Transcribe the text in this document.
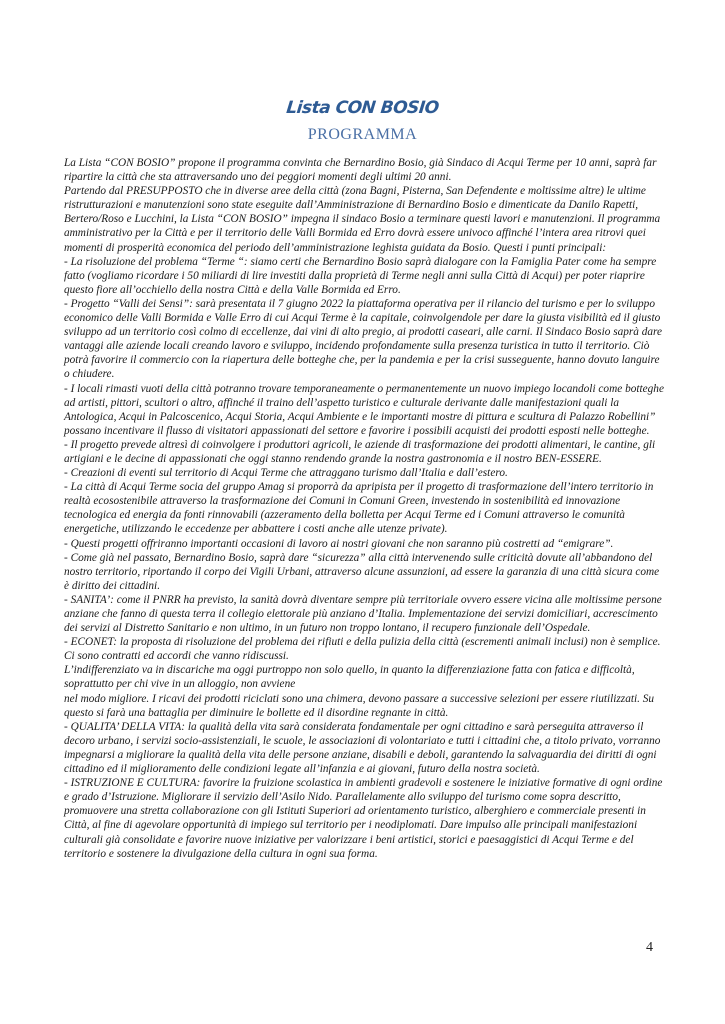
Lista CON BOSIO
PROGRAMMA

La Lista “CON BOSIO” propone il programma convinta che Bernardino Bosio, già Sindaco di Acqui Terme per 10 anni, saprà far ripartire la città che sta attraversando uno dei peggiori momenti degli ultimi 20 anni.

Partendo dal PRESUPPOSTO che in diverse aree della città (zona Bagni, Pisterna, San Defendente e moltissime altre) le ultime ristrutturazioni e manutenzioni sono state eseguite dall’Amministrazione di Bernardino Bosio e dimenticate da Danilo Rapetti, Bertero/Roso e Lucchini, la Lista “CON BOSIO” impegna il sindaco Bosio a terminare questi lavori e manutenzioni. Il programma amministrativo per la Città e per il territorio delle Valli Bormida ed Erro dovrà essere univoco affinché l’intera area ritrovi quei momenti di prosperità economica del periodo dell’amministrazione leghista guidata da Bosio. Questi i punti principali:

- La risoluzione del problema “Terme “: siamo certi che Bernardino Bosio saprà dialogare con la Famiglia Pater come ha sempre fatto (vogliamo ricordare i 50 miliardi di lire investiti dalla proprietà di Terme negli anni sulla Città di Acqui) per poter riaprire questo fiore all’occhiello della nostra Città e della Valle Bormida ed Erro.

- Progetto “Valli dei Sensi”: sarà presentata il 7 giugno 2022 la piattaforma operativa per il rilancio del turismo e per lo sviluppo economico delle Valli Bormida e Valle Erro di cui Acqui Terme è la capitale, coinvolgendole per dare la giusta visibilità ed il giusto sviluppo ad un territorio così colmo di eccellenze, dai vini di alto pregio, ai prodotti caseari, alle carni. Il Sindaco Bosio saprà dare vantaggi alle aziende locali creando lavoro e sviluppo, incidendo profondamente sulla presenza turistica in tutto il territorio. Ciò potrà favorire il commercio con la riapertura delle botteghe che, per la pandemia e per la crisi susseguente, hanno dovuto languire o chiudere.

- I locali rimasti vuoti della città potranno trovare temporaneamente o permanentemente un nuovo impiego locandoli come botteghe ad artisti, pittori, scultori o altro, affinché il traino dell’aspetto turistico e culturale derivante dalle manifestazioni quali la Antologica, Acqui in Palcoscenico, Acqui Storia, Acqui Ambiente e le importanti mostre di pittura e scultura di Palazzo Robellini” possano incentivare il flusso di visitatori appassionati del settore e favorire i possibili acquisti dei prodotti esposti nelle botteghe.

- Il progetto prevede altresì di coinvolgere i produttori agricoli, le aziende di trasformazione dei prodotti alimentari, le cantine, gli artigiani e le decine di appassionati che oggi stanno rendendo grande la nostra gastronomia e il nostro BEN-ESSERE.

- Creazioni di eventi sul territorio di Acqui Terme che attraggano turismo dall’Italia e dall’estero.

- La città di Acqui Terme socia del gruppo Amag si proporrà da apripista per il progetto di trasformazione dell’intero territorio in realtà ecosostenibile attraverso la trasformazione dei Comuni in Comuni Green, investendo in sostenibilità ed innovazione tecnologica ed energia da fonti rinnovabili (azzeramento della bolletta per Acqui Terme ed i Comuni attraverso le comunità energetiche, utilizzando le eccedenze per abbattere i costi anche alle utenze private).

- Questi progetti offriranno importanti occasioni di lavoro ai nostri giovani che non saranno più costretti ad “emigrare”.

- Come già nel passato, Bernardino Bosio, saprà dare “sicurezza” alla città intervenendo sulle criticità dovute all’abbandono del nostro territorio, riportando il corpo dei Vigili Urbani, attraverso alcune assunzioni, ad essere la garanzia di una città sicura come è diritto dei cittadini.

- SANITA’: come il PNRR ha previsto, la sanità dovrà diventare sempre più territoriale ovvero essere vicina alle moltissime persone anziane che fanno di questa terra il collegio elettorale più anziano d’Italia. Implementazione dei servizi domiciliari, accrescimento dei servizi al Distretto Sanitario e non ultimo, in un futuro non troppo lontano, il recupero funzionale dell’Ospedale.

- ECONET: la proposta di risoluzione del problema dei rifiuti e della pulizia della città (escrementi animali inclusi) non è semplice. Ci sono contratti ed accordi che vanno ridiscussi.

L’indifferenziato va in discariche ma oggi purtroppo non solo quello, in quanto la differenziazione fatta con fatica e difficoltà, soprattutto per chi vive in un alloggio, non avviene

nel modo migliore. I ricavi dei prodotti riciclati sono una chimera, devono passare a successive selezioni per essere riutilizzati. Su questo si farà una battaglia per diminuire le bollette ed il disordine regnante in città.

- QUALITA’ DELLA VITA: la qualità della vita sarà considerata fondamentale per ogni cittadino e sarà perseguita attraverso il decoro urbano, i servizi socio-assistenziali, le scuole, le associazioni di volontariato e tutti i cittadini che, a titolo privato, vorranno impegnarsi a migliorare la qualità della vita delle persone anziane, disabili e deboli, garantendo la salvaguardia dei diritti di ogni cittadino ed il miglioramento delle condizioni legate all’infanzia e ai giovani, futuro della nostra società.

- ISTRUZIONE E CULTURA: favorire la fruizione scolastica in ambienti gradevoli e sostenere le iniziative formative di ogni ordine e grado d’Istruzione. Migliorare il servizio dell’Asilo Nido. Parallelamente allo sviluppo del turismo come sopra descritto, promuovere una stretta collaborazione con gli Istituti Superiori ad orientamento turistico, alberghiero e commerciale presenti in Città, al fine di agevolare opportunità di impiego sul territorio per i neodiplomati. Dare impulso alle principali manifestazioni culturali già consolidate e favorire nuove iniziative per valorizzare i beni artistici, storici e paesaggistici di Acqui Terme e del territorio e sostenere la divulgazione della cultura in ogni sua forma.

4
